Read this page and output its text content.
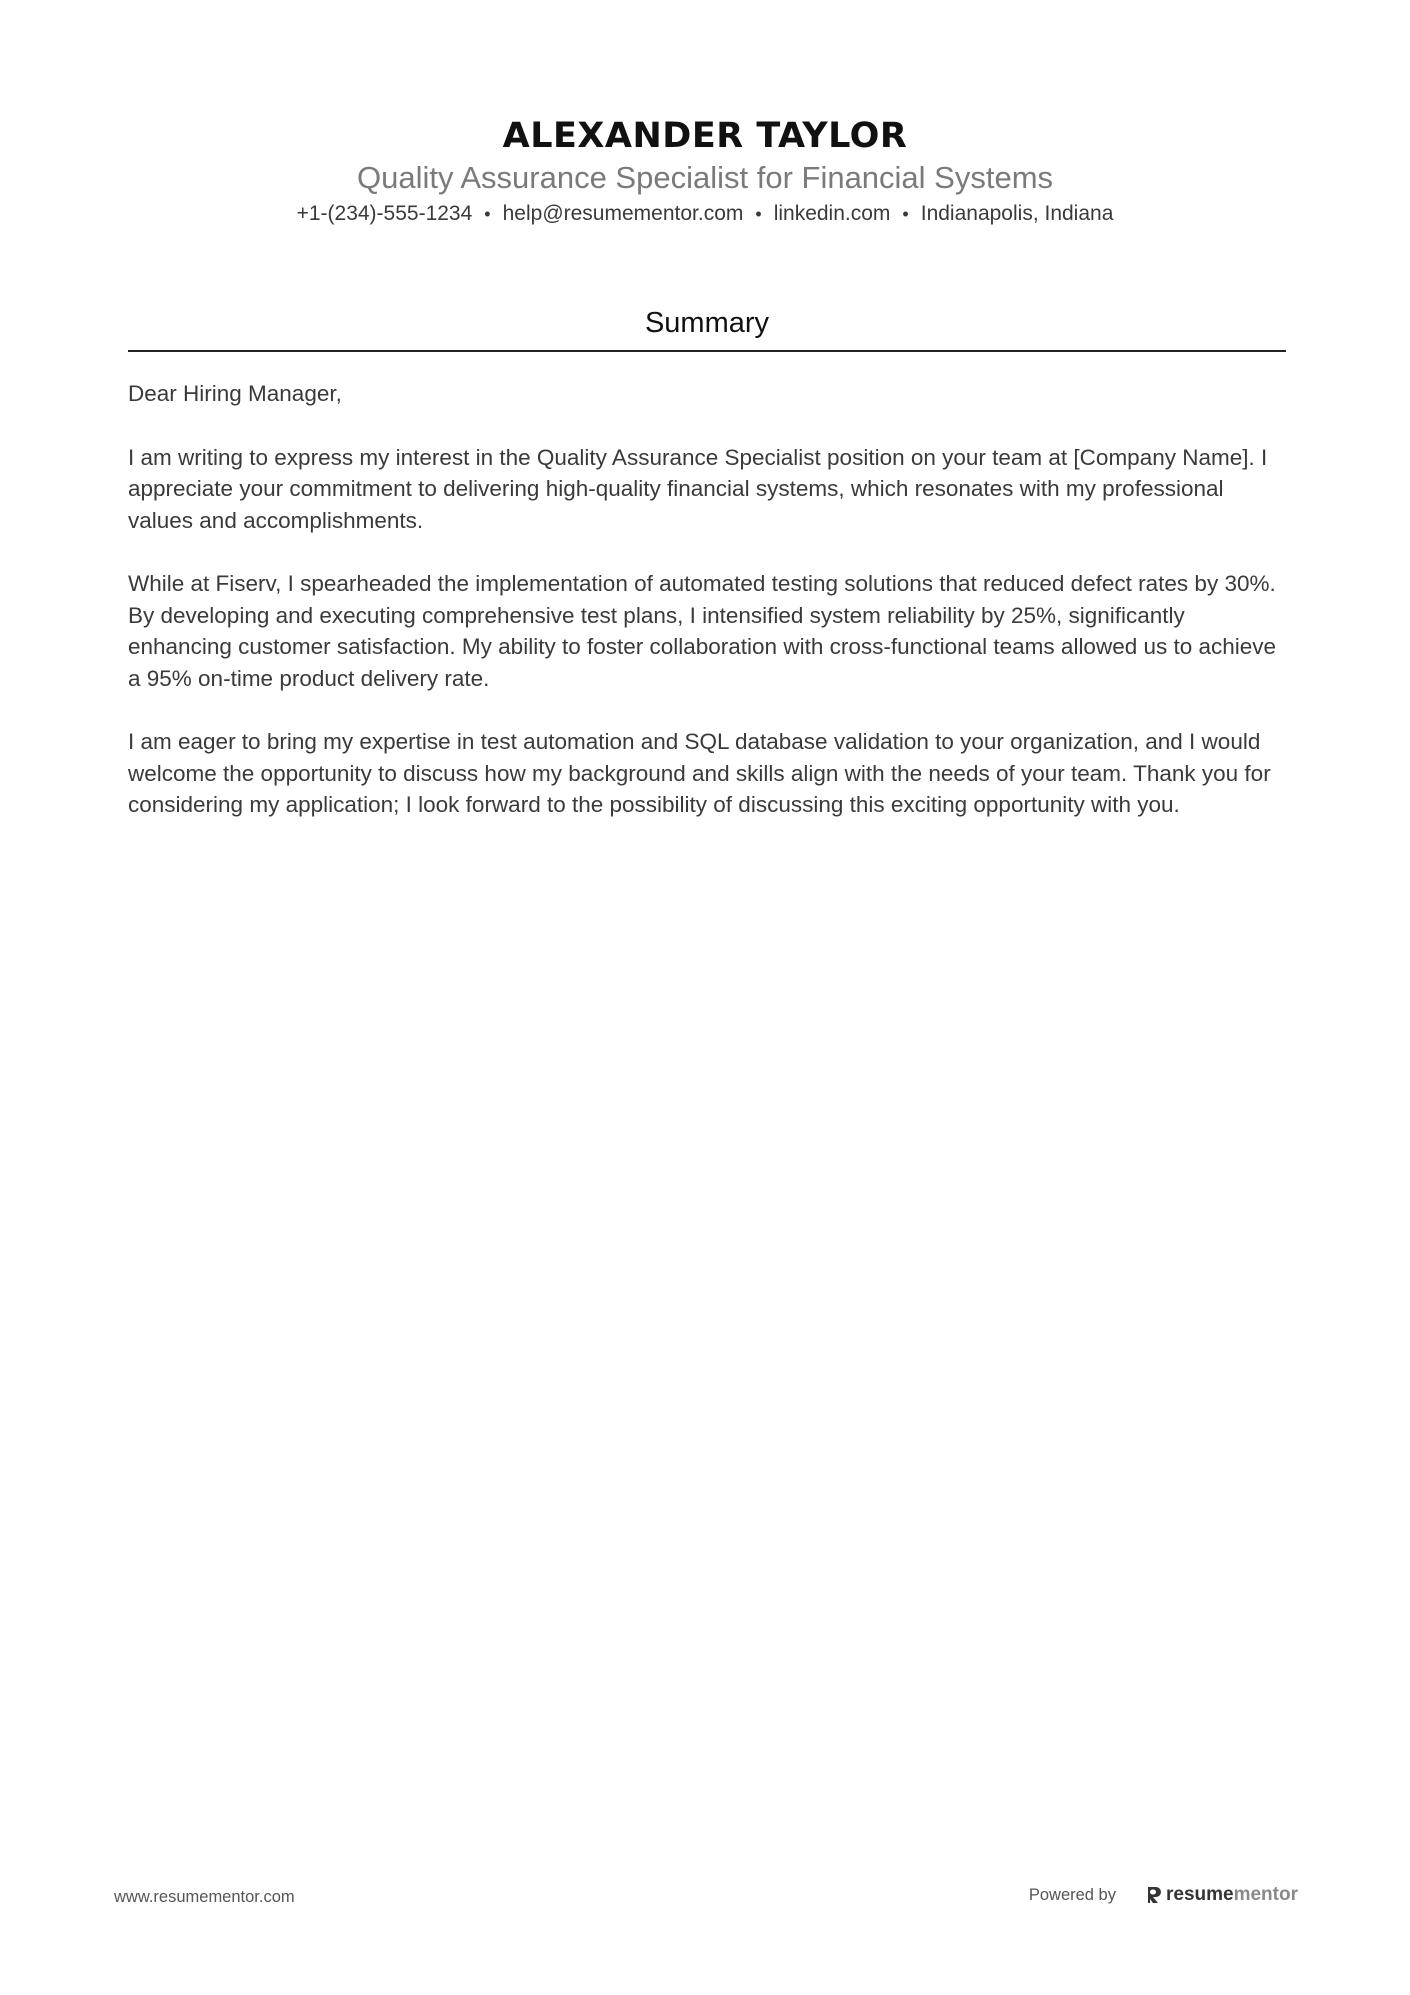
ALEXANDER TAYLOR
Quality Assurance Specialist for Financial Systems
+1-(234)-555-1234 • help@resumementor.com • linkedin.com • Indianapolis, Indiana
Summary

Dear Hiring Manager,

I am writing to express my interest in the Quality Assurance Specialist position on your team at [Company Name]. I appreciate your commitment to delivering high-quality financial systems, which resonates with my professional values and accomplishments.

While at Fiserv, I spearheaded the implementation of automated testing solutions that reduced defect rates by 30%. By developing and executing comprehensive test plans, I intensified system reliability by 25%, significantly enhancing customer satisfaction. My ability to foster collaboration with cross-functional teams allowed us to achieve a 95% on-time product delivery rate.

I am eager to bring my expertise in test automation and SQL database validation to your organization, and I would welcome the opportunity to discuss how my background and skills align with the needs of your team. Thank you for considering my application; I look forward to the possibility of discussing this exciting opportunity with you.

www.resumementor.com	Powered by	resume mentor
